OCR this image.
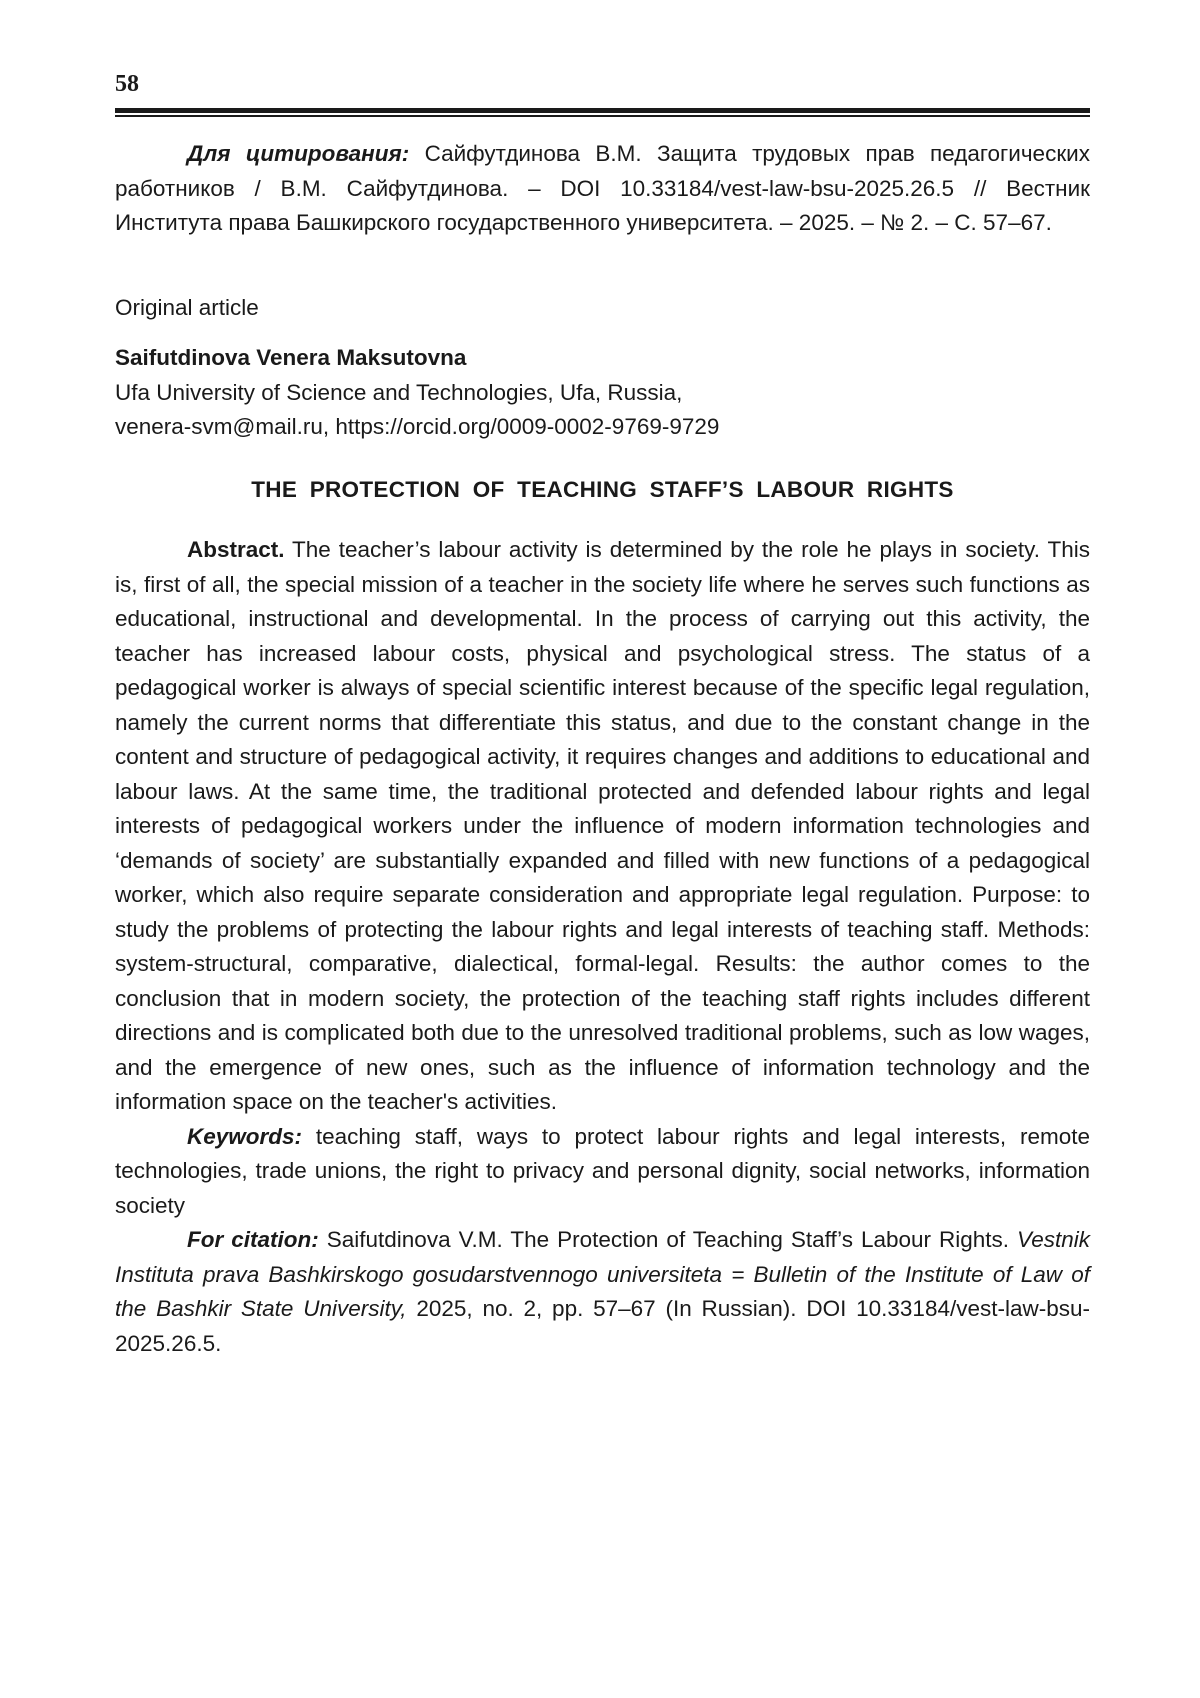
58

Для цитирования: Сайфутдинова В.М. Защита трудовых прав педагогических работников / В.М. Сайфутдинова. – DOI 10.33184/vest-law-bsu-2025.26.5 // Вестник Института права Башкирского государственного университета. – 2025. – № 2. – С. 57–67.

Original article

Saifutdinova Venera Maksutovna

Ufa University of Science and Technologies, Ufa, Russia,

venera-svm@mail.ru, https://orcid.org/0009-0002-9769-9729

THE PROTECTION OF TEACHING STAFF’S LABOUR RIGHTS

Abstract. The teacher’s labour activity is determined by the role he plays in society. This is, first of all, the special mission of a teacher in the society life where he serves such functions as educational, instructional and developmental. In the process of carrying out this activity, the teacher has increased labour costs, physical and psychological stress. The status of a pedagogical worker is always of special scientific interest because of the specific legal regulation, namely the current norms that differentiate this status, and due to the constant change in the content and structure of pedagogical activity, it requires changes and additions to educational and labour laws. At the same time, the traditional protected and defended labour rights and legal interests of pedagogical workers under the influence of modern information technologies and ‘demands of society’ are substantially expanded and filled with new functions of a pedagogical worker, which also require separate consideration and appropriate legal regulation. Purpose: to study the problems of protecting the labour rights and legal interests of teaching staff. Methods: system-structural, comparative, dialectical, formal-legal. Results: the author comes to the conclusion that in modern society, the protection of the teaching staff rights includes different directions and is complicated both due to the unresolved traditional problems, such as low wages, and the emergence of new ones, such as the influence of information technology and the information space on the teacher's activities.

Keywords: teaching staff, ways to protect labour rights and legal interests, remote technologies, trade unions, the right to privacy and personal dignity, social networks, information society

For citation: Saifutdinova V.M. The Protection of Teaching Staff’s Labour Rights. Vestnik Instituta prava Bashkirskogo gosudarstvennogo universiteta = Bulletin of the Institute of Law of the Bashkir State University, 2025, no. 2, pp. 57–67 (In Russian). DOI 10.33184/vest-law-bsu-2025.26.5.
